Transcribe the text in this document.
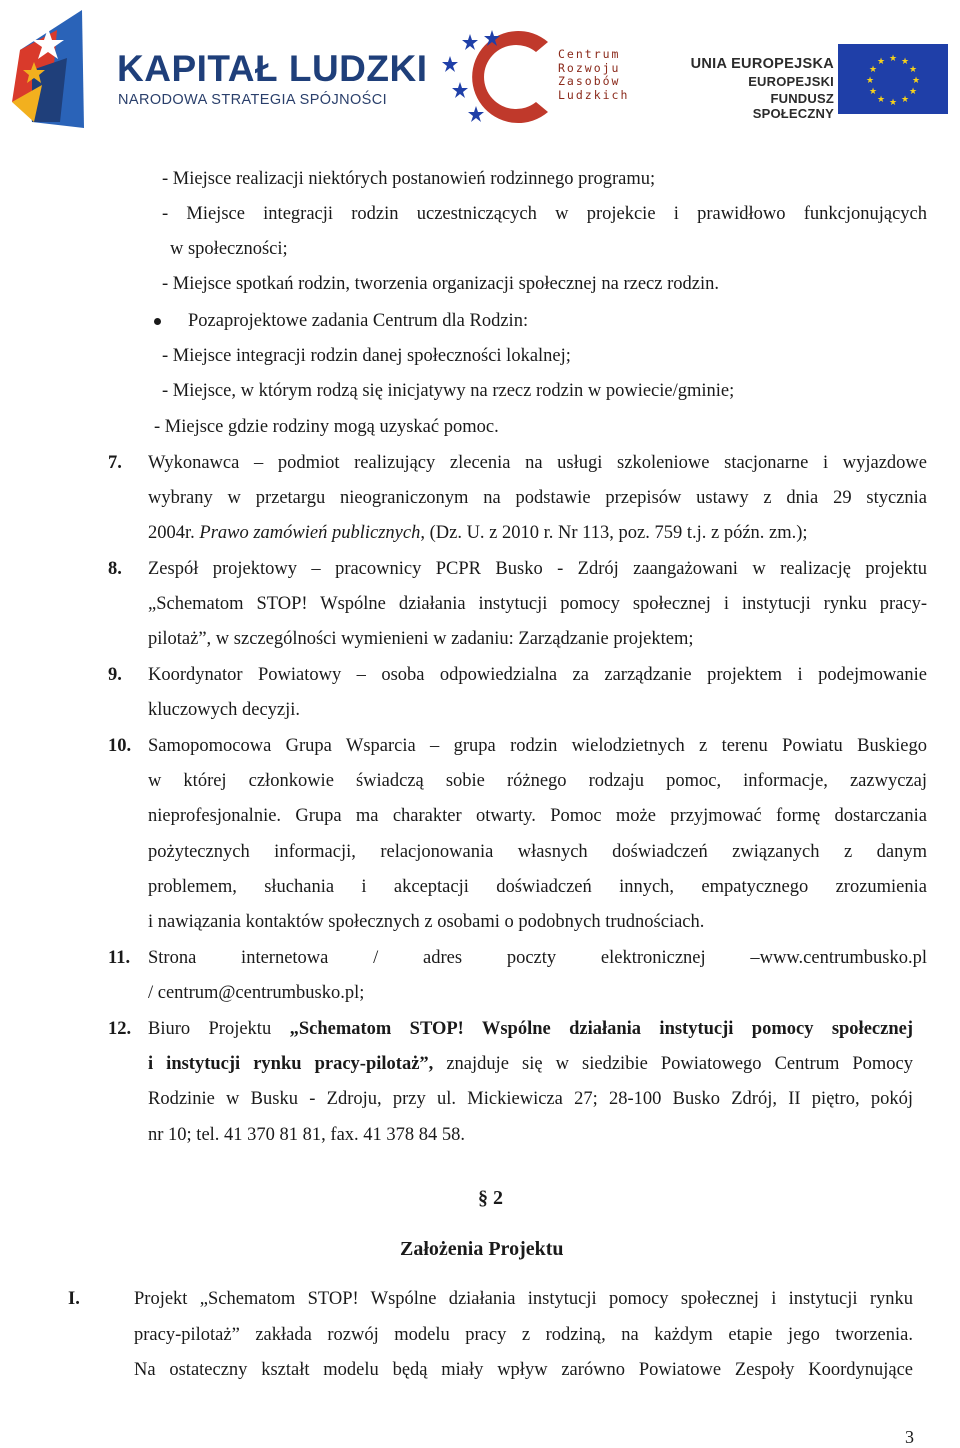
KAPITAŁ LUDZKI
NARODOWA STRATEGIA SPÓJNOŚCI
Centrum
Rozwoju
Zasobów
Ludzkich
UNIA EUROPEJSKA
EUROPEJSKI
FUNDUSZ SPOŁECZNY
★ ★
★
★
★
★
★
★
★
★
★
★
- Miejsce realizacji niektórych postanowień rodzinnego programu;
- Miejsce integracji rodzin uczestniczących w projekcie i prawidłowo funkcjonujących
w społeczności;
- Miejsce spotkań rodzin, tworzenia organizacji społecznej na rzecz rodzin.
Pozaprojektowe zadania Centrum dla Rodzin:
- Miejsce integracji rodzin danej społeczności lokalnej;
- Miejsce, w którym rodzą się inicjatywy na rzecz rodzin w powiecie/gminie;
- Miejsce gdzie rodziny mogą uzyskać pomoc.
7. Wykonawca – podmiot realizujący zlecenia na usługi szkoleniowe stacjonarne i wyjazdowe
wybrany w przetargu nieograniczonym na podstawie przepisów ustawy z dnia 29 stycznia
2004r. Prawo zamówień publicznych, (Dz. U. z 2010 r. Nr 113, poz. 759 t.j. z późn. zm.);
8. Zespół projektowy – pracownicy PCPR Busko - Zdrój zaangażowani w realizację projektu
„Schematom STOP! Wspólne działania instytucji pomocy społecznej i instytucji rynku pracy-
pilotaż”, w szczególności wymienieni w zadaniu: Zarządzanie projektem;
9. Koordynator Powiatowy – osoba odpowiedzialna za zarządzanie projektem i podejmowanie
kluczowych decyzji.
10. Samopomocowa Grupa Wsparcia – grupa rodzin wielodzietnych z terenu Powiatu Buskiego
w której członkowie świadczą sobie różnego rodzaju pomoc, informacje, zazwyczaj
nieprofesjonalnie. Grupa ma charakter otwarty. Pomoc może przyjmować formę dostarczania
pożytecznych informacji, relacjonowania własnych doświadczeń związanych z danym
problemem, słuchania i akceptacji doświadczeń innych, empatycznego zrozumienia
i nawiązania kontaktów społecznych z osobami o podobnych trudnościach.
11. Strona internetowa / adres poczty elektronicznej –www.centrumbusko.pl
/ centrum@centrumbusko.pl;
12. Biuro Projektu „Schematom STOP! Wspólne działania instytucji pomocy społecznej
i instytucji rynku pracy-pilotaż”, znajduje się w siedzibie Powiatowego Centrum Pomocy
Rodzinie w Busku - Zdroju, przy ul. Mickiewicza 27; 28-100 Busko Zdrój, II piętro, pokój
nr 10; tel. 41 370 81 81, fax. 41 378 84 58.
§ 2
Założenia Projektu
I.	Projekt „Schematom STOP! Wspólne działania instytucji pomocy społecznej i instytucji rynku
pracy-pilotaż” zakłada rozwój modelu pracy z rodziną, na każdym etapie jego tworzenia.
Na ostateczny kształt modelu będą miały wpływ zarówno Powiatowe Zespoły Koordynujące
3
